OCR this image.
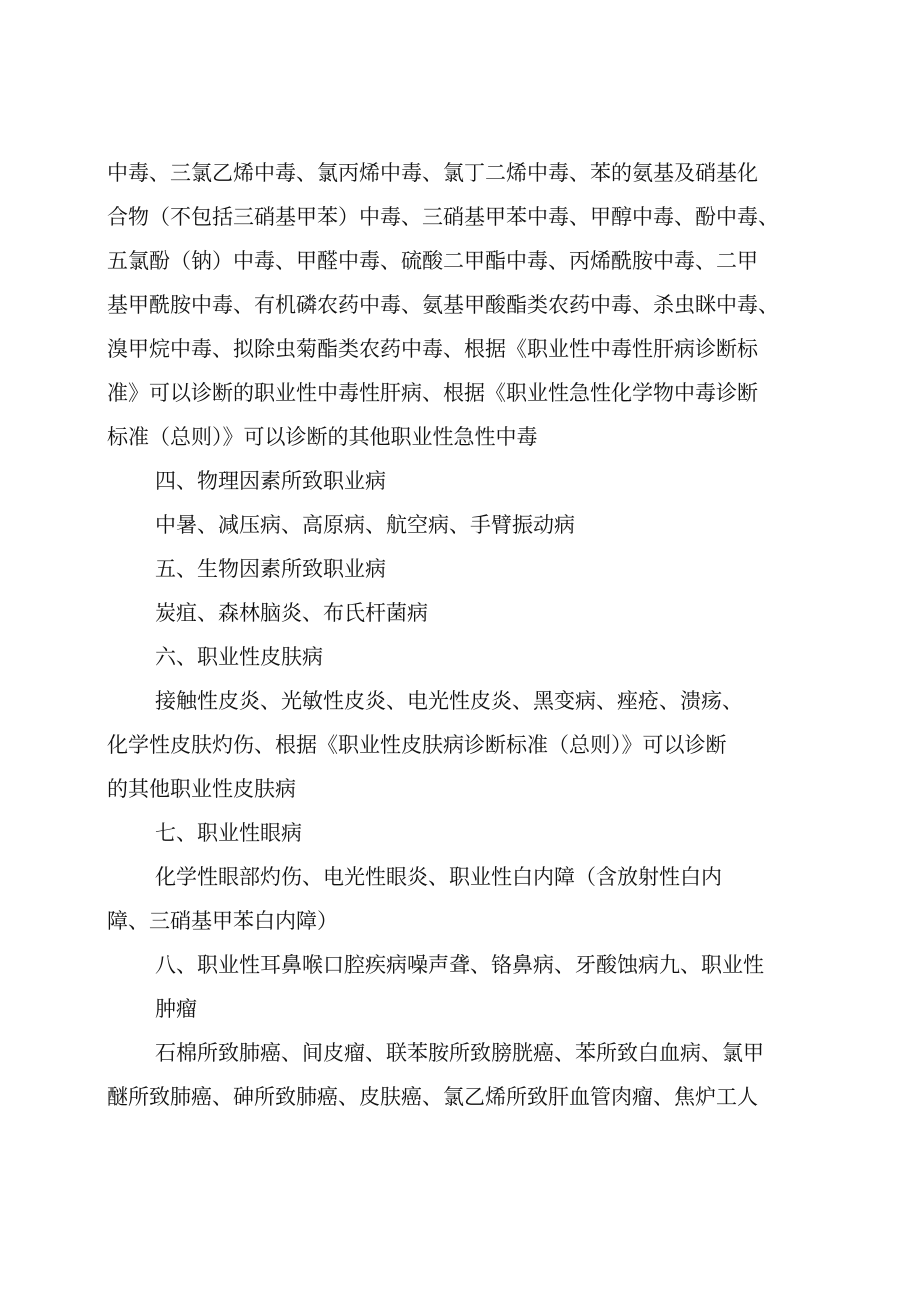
中毒、三氯乙烯中毒、氯丙烯中毒、氯丁二烯中毒、苯的氨基及硝基化
合物（不包括三硝基甲苯）中毒、三硝基甲苯中毒、甲醇中毒、酚中毒、
五氯酚（钠）中毒、甲醛中毒、硫酸二甲酯中毒、丙烯酰胺中毒、二甲
基甲酰胺中毒、有机磷农药中毒、氨基甲酸酯类农药中毒、杀虫眯中毒、
溴甲烷中毒、拟除虫菊酯类农药中毒、根据《职业性中毒性肝病诊断标
准》可以诊断的职业性中毒性肝病、根据《职业性急性化学物中毒诊断
标准（总则）》可以诊断的其他职业性急性中毒
四、物理因素所致职业病
中暑、减压病、高原病、航空病、手臂振动病
五、生物因素所致职业病
炭疽、森林脑炎、布氏杆菌病
六、职业性皮肤病
接触性皮炎、光敏性皮炎、电光性皮炎、黑变病、痤疮、溃疡、
化学性皮肤灼伤、根据《职业性皮肤病诊断标准（总则）》可以诊断
的其他职业性皮肤病
七、职业性眼病
化学性眼部灼伤、电光性眼炎、职业性白内障（含放射性白内
障、三硝基甲苯白内障）
八、职业性耳鼻喉口腔疾病噪声聋、铬鼻病、牙酸蚀病九、职业性
肿瘤
石棉所致肺癌、间皮瘤、联苯胺所致膀胱癌、苯所致白血病、氯甲
醚所致肺癌、砷所致肺癌、皮肤癌、氯乙烯所致肝血管肉瘤、焦炉工人
